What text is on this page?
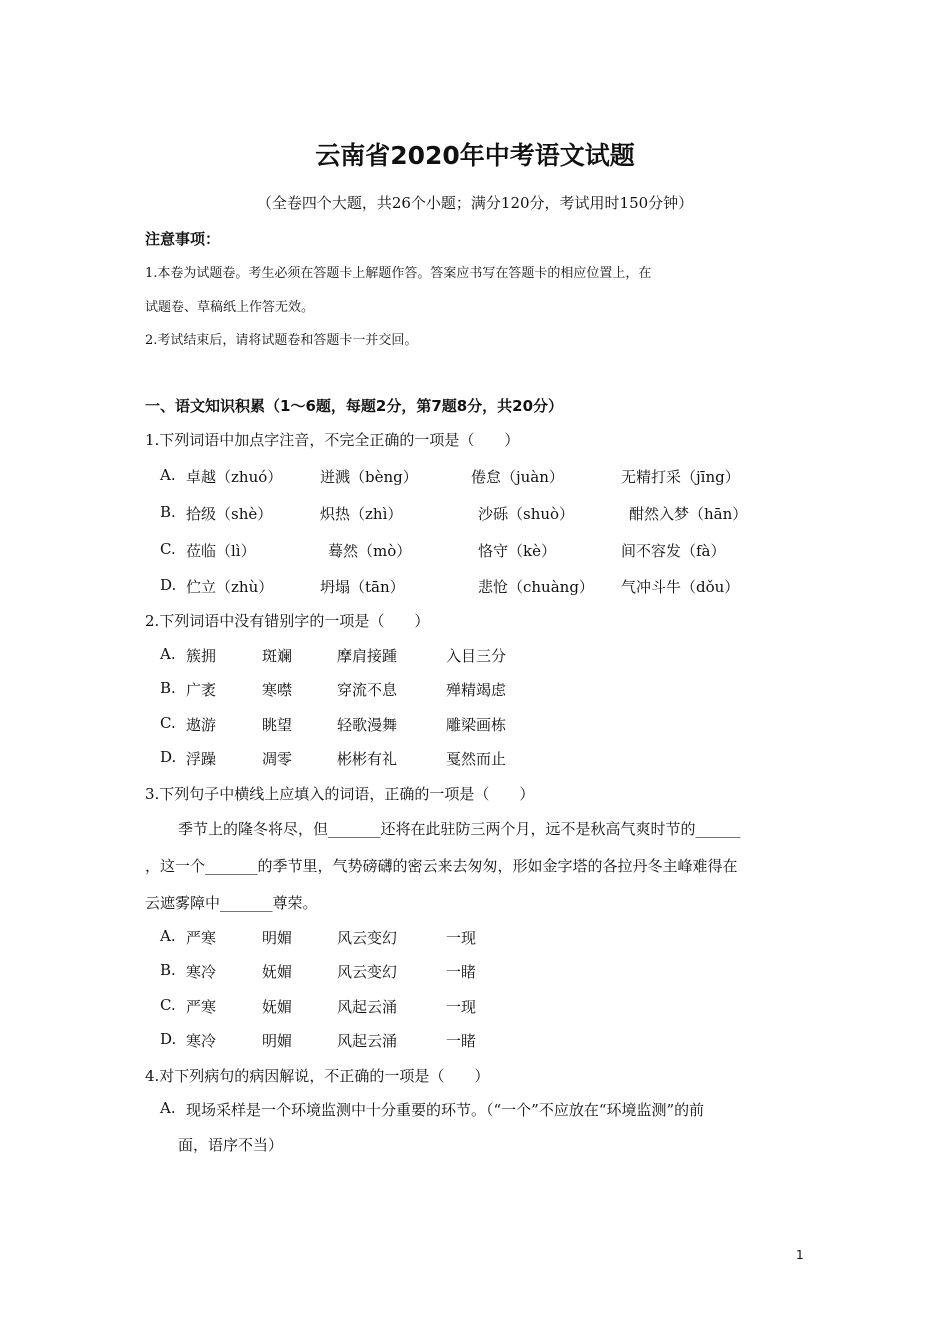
云南省2020年中考语文试题
（全卷四个大题，共26个小题；满分120分，考试用时150分钟）
注意事项：
1.本卷为试题卷。考生必须在答题卡上解题作答。答案应书写在答题卡的相应位置上，在
试题卷、草稿纸上作答无效。
2.考试结束后，请将试题卷和答题卡一并交回。
一、语文知识积累（1～6题，每题2分，第7题8分，共20分）
1.下列词语中加点字注音，不完全正确的一项是（　　）
A. 卓越（zhuó）	迸溅（bèng）	倦怠（juàn）	无精打采（jīng）
B. 拾级（shè）	炽热（zhì）	沙砾（shuò）	酣然入梦（hān）
C. 莅临（lì）	蓦然（mò）	恪守（kè）	间不容发（fà）
D. 伫立（zhù）	坍塌（tān）	悲怆（chuàng） 气冲斗牛（dǒu）
2.下列词语中没有错别字的一项是（　　）
A. 簇拥	斑斓	摩肩接踵	入目三分
B. 广袤	寒噤	穿流不息	殚精竭虑
C. 遨游	眺望	轻歌漫舞	雕梁画栋
D. 浮躁	凋零	彬彬有礼	戛然而止
3.下列句子中横线上应填入的词语，正确的一项是（　　）
季节上的隆冬将尽，但_______还将在此驻防三两个月，远不是秋高气爽时节的______
，这一个_______的季节里，气势磅礴的密云来去匆匆，形如金字塔的各拉丹冬主峰难得在
云遮雾障中_______尊荣。
A. 严寒	明媚	风云变幻	一现
B. 寒冷	妩媚	风云变幻	一睹
C. 严寒	妩媚	风起云涌	一现
D. 寒冷	明媚	风起云涌	一睹
4.对下列病句的病因解说，不正确的一项是（　　）
A. 现场采样是一个环境监测中十分重要的环节。（“一个”不应放在“环境监测”的前
面，语序不当）
1
